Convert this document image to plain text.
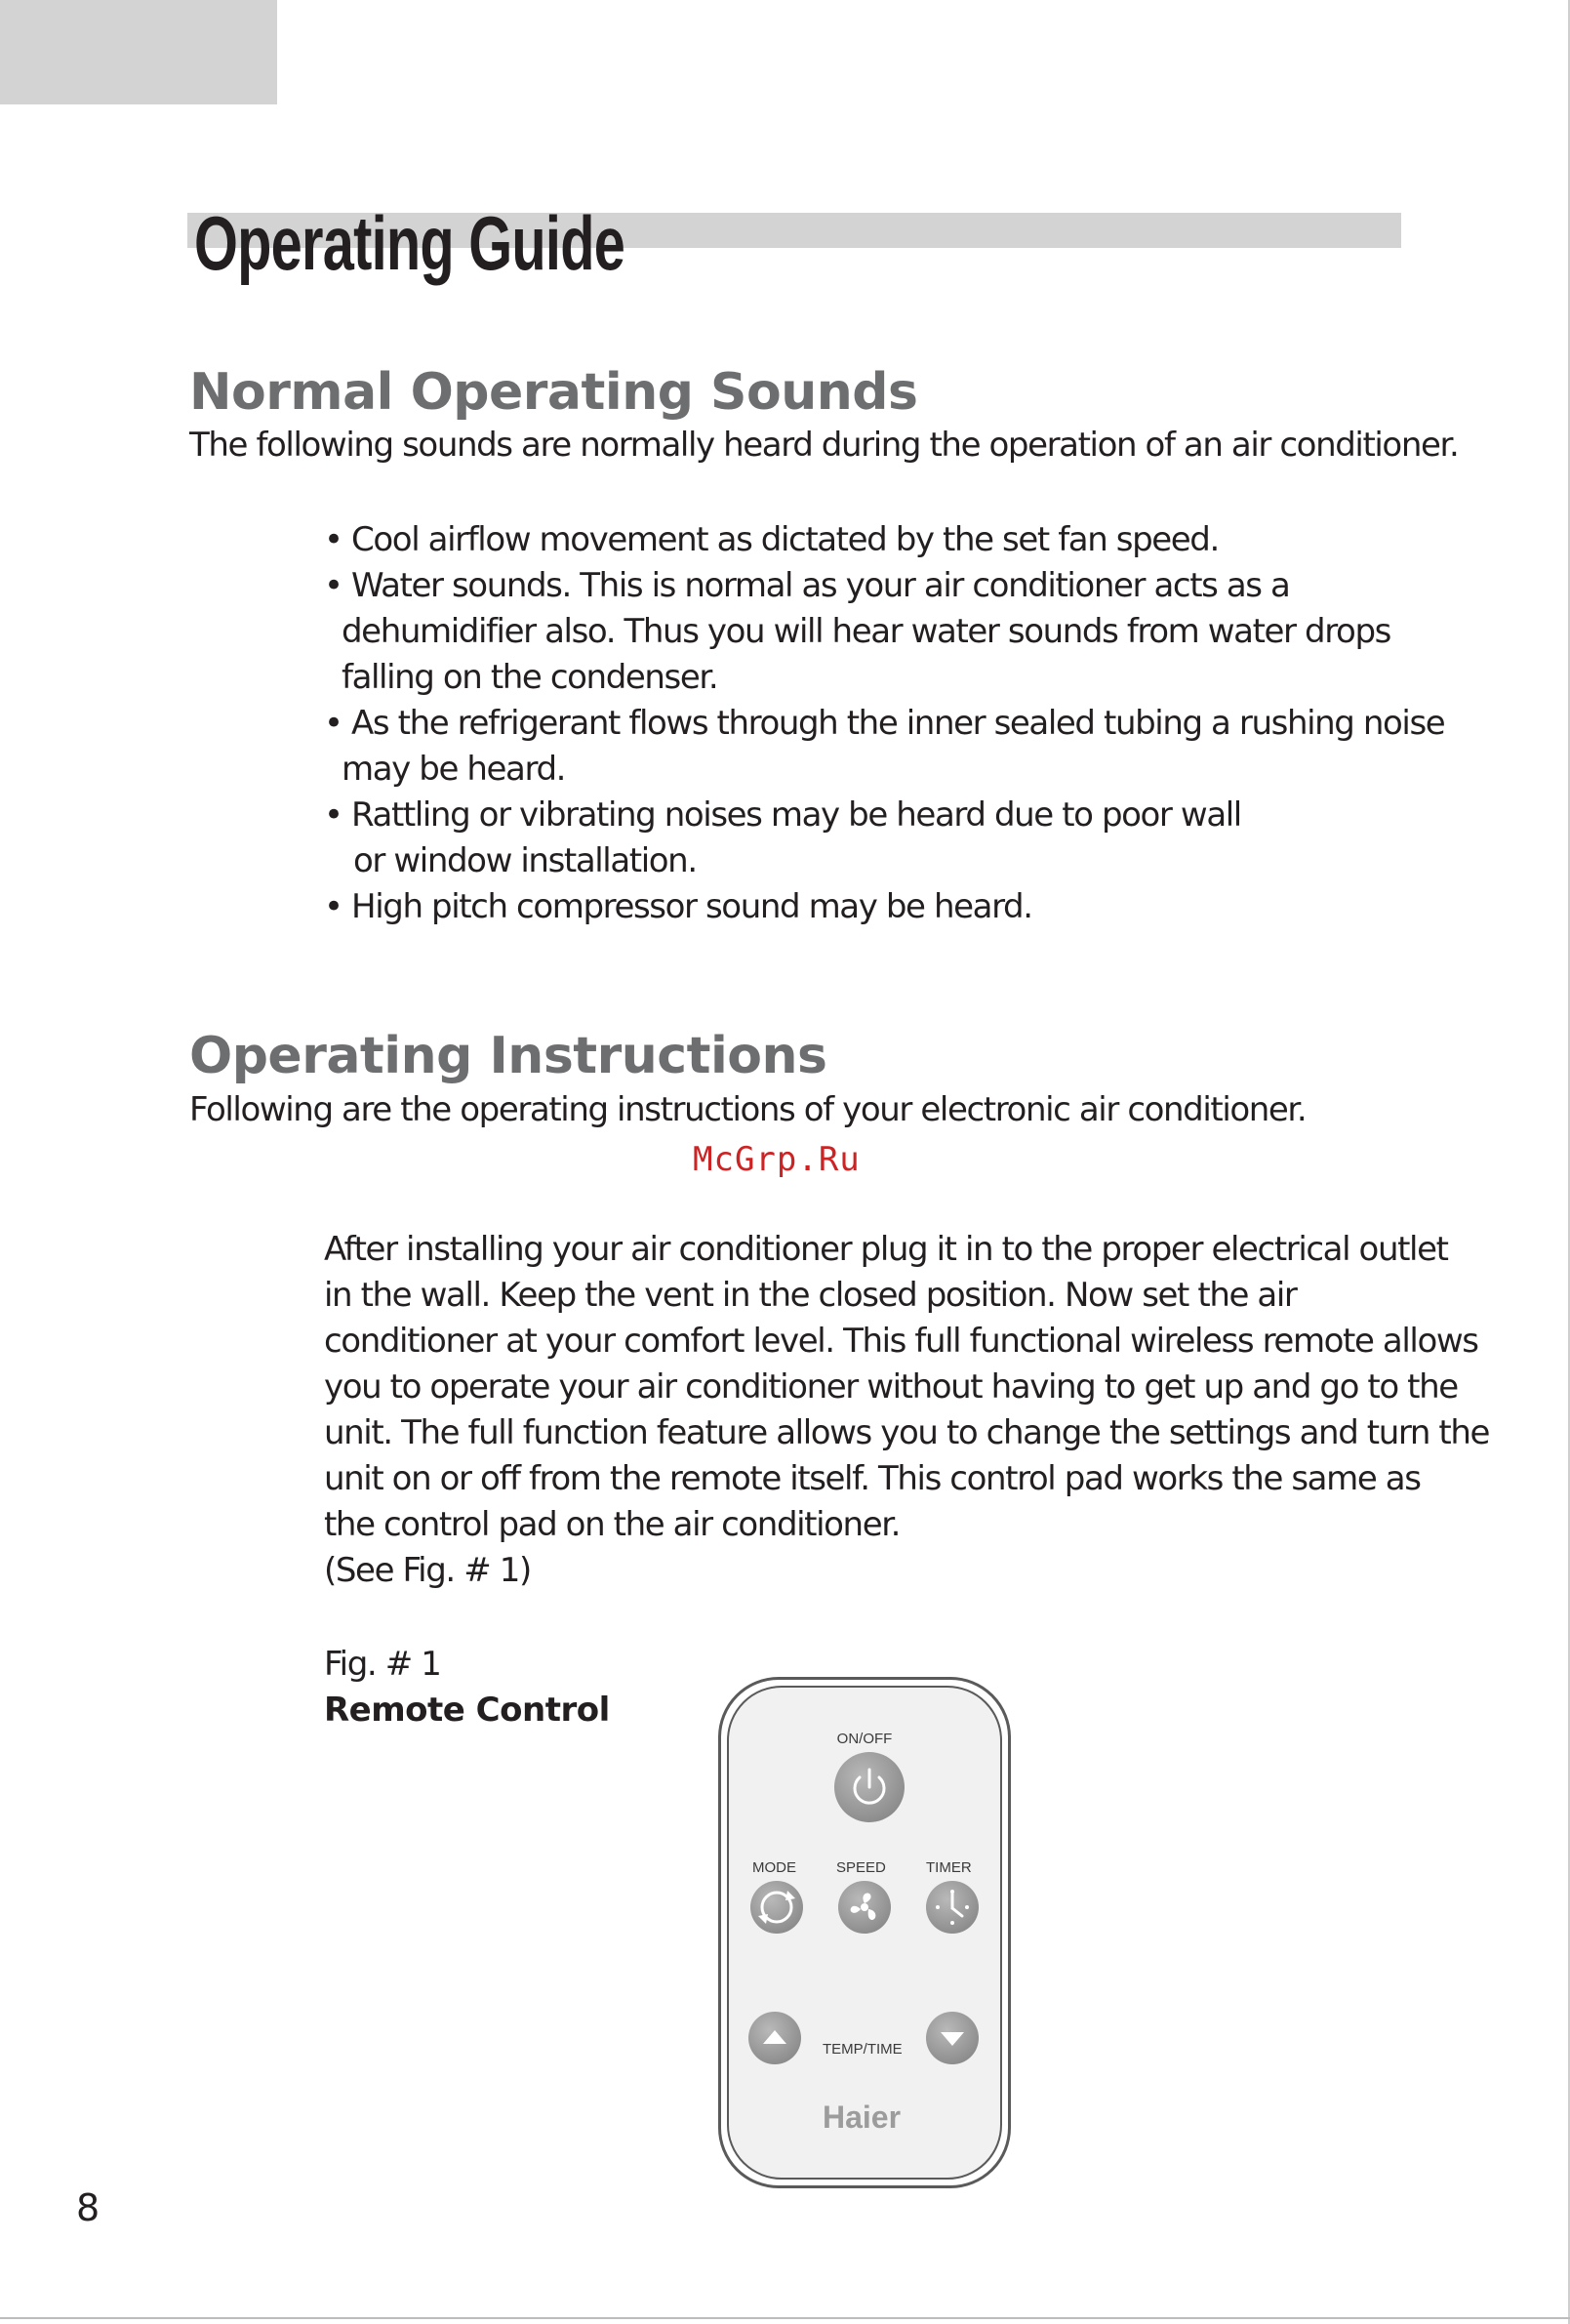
Operating Guide
Normal Operating Sounds

The following sounds are normally heard during the operation of an air conditioner.

• Cool airflow movement as dictated by the set fan speed.
• Water sounds. This is normal as your air conditioner acts as a
dehumidifier also. Thus you will hear water sounds from water drops
falling on the condenser.
• As the refrigerant flows through the inner sealed tubing a rushing noise
may be heard.
• Rattling or vibrating noises may be heard due to poor wall
or window installation.
• High pitch compressor sound may be heard.
Operating Instructions

Following are the operating instructions of your electronic air conditioner.

McGrp.Ru
After installing your air conditioner plug it in to the proper electrical outlet
in the wall. Keep the vent in the closed position. Now set the air
conditioner at your comfort level. This full functional wireless remote allows
you to operate your air conditioner without having to get up and go to the
unit. The full function feature allows you to change the settings and turn the
unit on or off from the remote itself. This control pad works the same as
the control pad on the air conditioner.
(See Fig. # 1)
Fig. # 1
Remote Control
ON/OFF
MODE	SPEED	TIMER
TEMP/TIME
Haier
8
